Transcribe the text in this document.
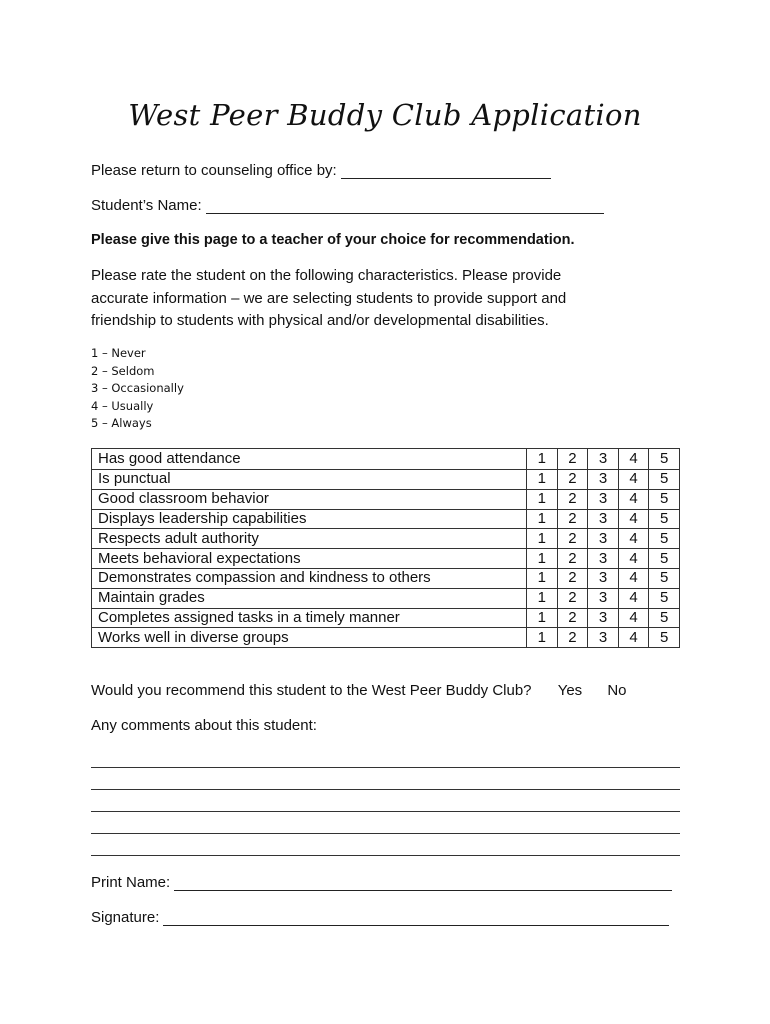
West Peer Buddy Club Application
Please return to counseling office by:
Student’s Name:
Please give this page to a teacher of your choice for recommendation.
Please rate the student on the following characteristics. Please provide
accurate information – we are selecting students to provide support and
friendship to students with physical and/or developmental disabilities.
1 – Never
2 – Seldom
3 – Occasionally
4 – Usually
5 – Always
Has good attendance	1	2	3	4	5
Is punctual	1	2	3	4	5
Good classroom behavior	1	2	3	4	5
Displays leadership capabilities	1	2	3	4	5
Respects adult authority	1	2	3	4	5
Meets behavioral expectations	1	2	3	4	5
Demonstrates compassion and kindness to others	1	2	3	4	5
Maintain grades	1	2	3	4	5
Completes assigned tasks in a timely manner	1	2	3	4	5
Works well in diverse groups	1	2	3	4	5
Would you recommend this student to the West Peer Buddy Club? Yes No
Any comments about this student:
Print Name:
Signature:
